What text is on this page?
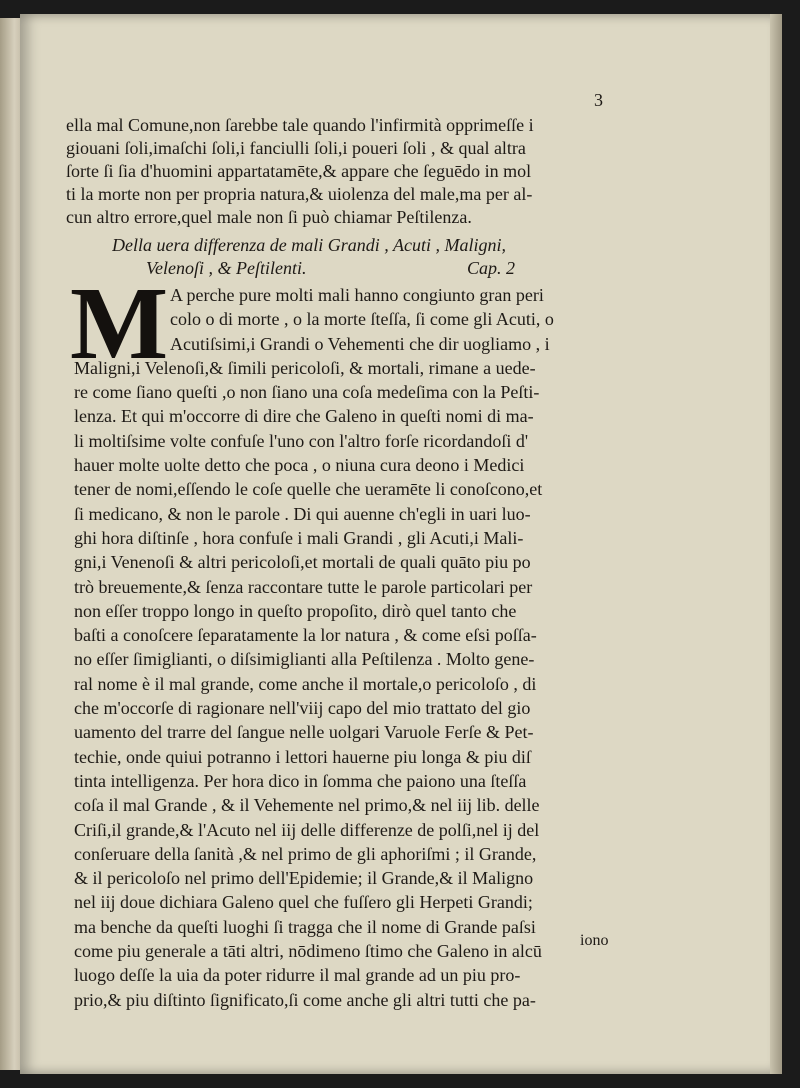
3
ella mal Comune,non ſarebbe tale quando l'infirmità opprimeſſe i
giouani ſoli,imaſchi ſoli,i fanciulli ſoli,i poueri ſoli , & qual altra
ſorte ſi ſia d'huomini appartatamēte,& appare che ſeguēdo in mol
ti la morte non per propria natura,& uiolenza del male,ma per al-
cun altro errore,quel male non ſi può chiamar Peſtilenza.
Della uera differenza de mali Grandi , Acuti , Maligni,
Velenoſi , & Peſtilenti.	Cap. 2
M A perche pure molti mali hanno congiunto gran peri
colo o di morte , o la morte ſteſſa, ſi come gli Acuti, o
Acutiſsimi,i Grandi o Vehementi che dir uogliamo , i
Maligni,i Velenoſi,& ſimili pericoloſi, & mortali, rimane a uede-
re come ſiano queſti ,o non ſiano una coſa medeſima con la Peſti-
lenza. Et qui m'occorre di dire che Galeno in queſti nomi di ma-
li moltiſsime volte confuſe l'uno con l'altro forſe ricordandoſi d'
hauer molte uolte detto che poca , o niuna cura deono i Medici
tener de nomi,eſſendo le coſe quelle che ueramēte li conoſcono,et
ſi medicano, & non le parole . Di qui auenne ch'egli in uari luo-
ghi hora diſtinſe , hora confuſe i mali Grandi , gli Acuti,i Mali-
gni,i Venenoſi & altri pericoloſi,et mortali de quali quāto piu po
trò breuemente,& ſenza raccontare tutte le parole particolari per
non eſſer troppo longo in queſto propoſito, dirò quel tanto che
baſti a conoſcere ſeparatamente la lor natura , & come eſsi poſſa-
no eſſer ſimiglianti, o diſsimiglianti alla Peſtilenza . Molto gene-
ral nome è il mal grande, come anche il mortale,o pericoloſo , di
che m'occorſe di ragionare nell'viij capo del mio trattato del gio
uamento del trarre del ſangue nelle uolgari Varuole Ferſe & Pet-
techie, onde quiui potranno i lettori hauerne piu longa & piu diſ
tinta intelligenza. Per hora dico in ſomma che paiono una ſteſſa
coſa il mal Grande , & il Vehemente nel primo,& nel iij lib. delle
Criſi,il grande,& l'Acuto nel iij delle differenze de polſi,nel ij del
conſeruare della ſanità ,& nel primo de gli aphoriſmi ; il Grande,
& il pericoloſo nel primo dell'Epidemie; il Grande,& il Maligno
nel iij doue dichiara Galeno quel che fuſſero gli Herpeti Grandi;
ma benche da queſti luoghi ſi tragga che il nome di Grande paſsi
come piu generale a tāti altri, nōdimeno ſtimo che Galeno in alcū
luogo deſſe la uia da poter ridurre il mal grande ad un piu pro-
prio,& piu diſtinto ſignificato,ſi come anche gli altri tutti che pa-
iono
